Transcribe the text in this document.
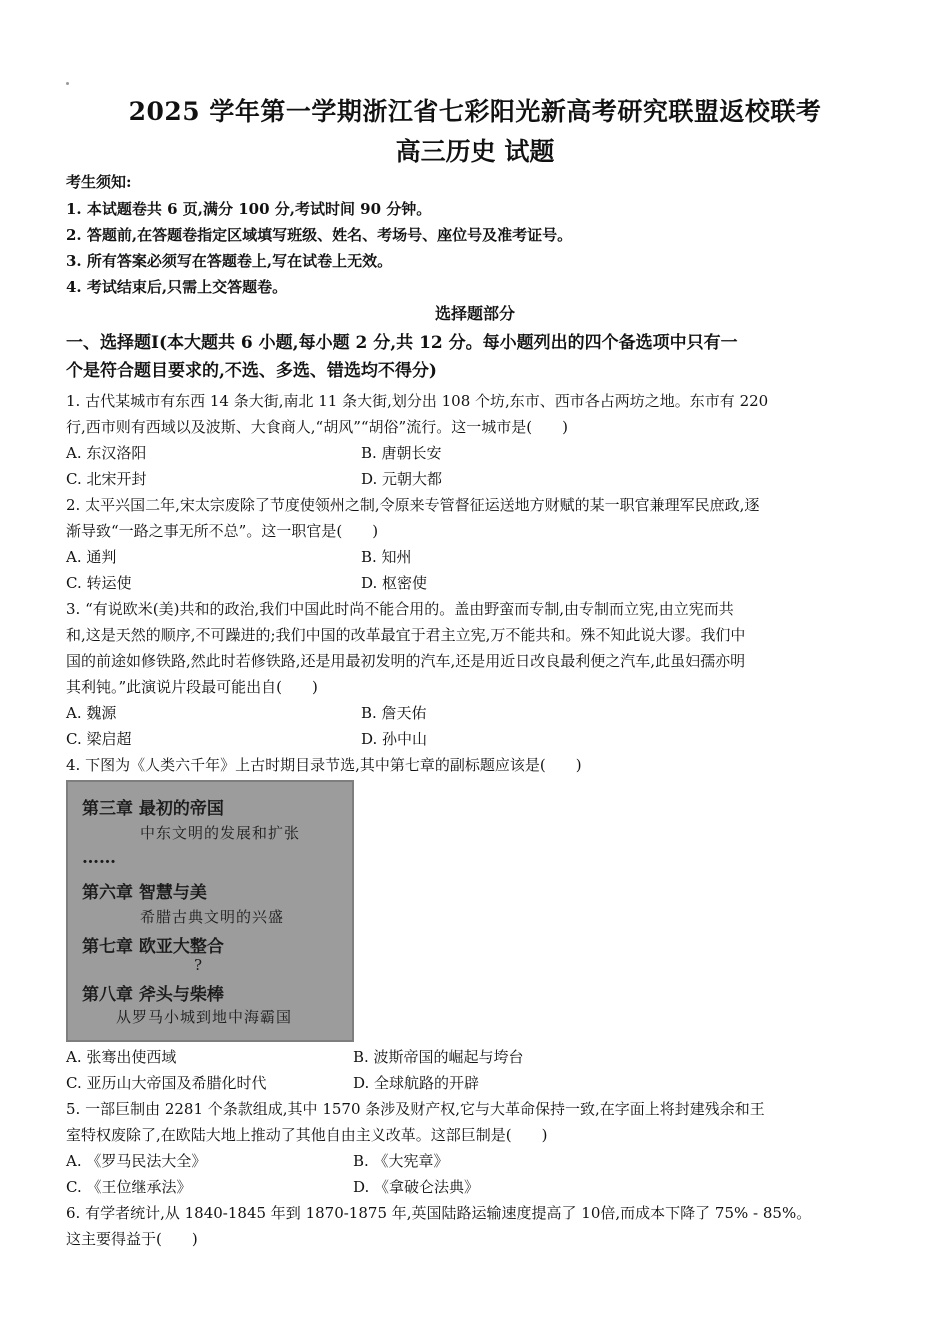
2025 学年第一学期浙江省七彩阳光新高考研究联盟返校联考
高三历史 试题
考生须知:
1. 本试题卷共 6 页,满分 100 分,考试时间 90 分钟。
2. 答题前,在答题卷指定区域填写班级、姓名、考场号、座位号及准考证号。
3. 所有答案必须写在答题卷上,写在试卷上无效。
4. 考试结束后,只需上交答题卷。
选择题部分
一、选择题Ⅰ(本大题共 6 小题,每小题 2 分,共 12 分。每小题列出的四个备选项中只有一
个是符合题目要求的,不选、多选、错选均不得分)
1. 古代某城市有东西 14 条大街,南北 11 条大街,划分出 108 个坊,东市、西市各占两坊之地。东市有 220
行,西市则有西域以及波斯、大食商人,“胡风”“胡俗”流行。这一城市是(　　)
A. 东汉洛阳	B. 唐朝长安
C. 北宋开封	D. 元朝大都
2. 太平兴国二年,宋太宗废除了节度使领州之制,令原来专管督征运送地方财赋的某一职官兼理军民庶政,逐
渐导致“一路之事无所不总”。这一职官是(　　)
A. 通判	B. 知州
C. 转运使	D. 枢密使
3. “有说欧米(美)共和的政治,我们中国此时尚不能合用的。盖由野蛮而专制,由专制而立宪,由立宪而共
和,这是天然的顺序,不可躁进的;我们中国的改革最宜于君主立宪,万不能共和。殊不知此说大谬。我们中
国的前途如修铁路,然此时若修铁路,还是用最初发明的汽车,还是用近日改良最利便之汽车,此虽妇孺亦明
其利钝。”此演说片段最可能出自(　　)
A. 魏源	B. 詹天佑
C. 梁启超	D. 孙中山
4. 下图为《人类六千年》上古时期目录节选,其中第七章的副标题应该是(　　)
第三章 最初的帝国
中东文明的发展和扩张
……
第六章 智慧与美
希腊古典文明的兴盛
第七章 欧亚大整合
?
第八章 斧头与柴棒
从罗马小城到地中海霸国
A. 张骞出使西域	B. 波斯帝国的崛起与垮台
C. 亚历山大帝国及希腊化时代	D. 全球航路的开辟
5. 一部巨制由 2281 个条款组成,其中 1570 条涉及财产权,它与大革命保持一致,在字面上将封建残余和王
室特权废除了,在欧陆大地上推动了其他自由主义改革。这部巨制是(　　)
A. 《罗马民法大全》	B. 《大宪章》
C. 《王位继承法》	D. 《拿破仑法典》
6. 有学者统计,从 1840-1845 年到 1870-1875 年,英国陆路运输速度提高了 10倍,而成本下降了 75% - 85%。
这主要得益于(　　)
